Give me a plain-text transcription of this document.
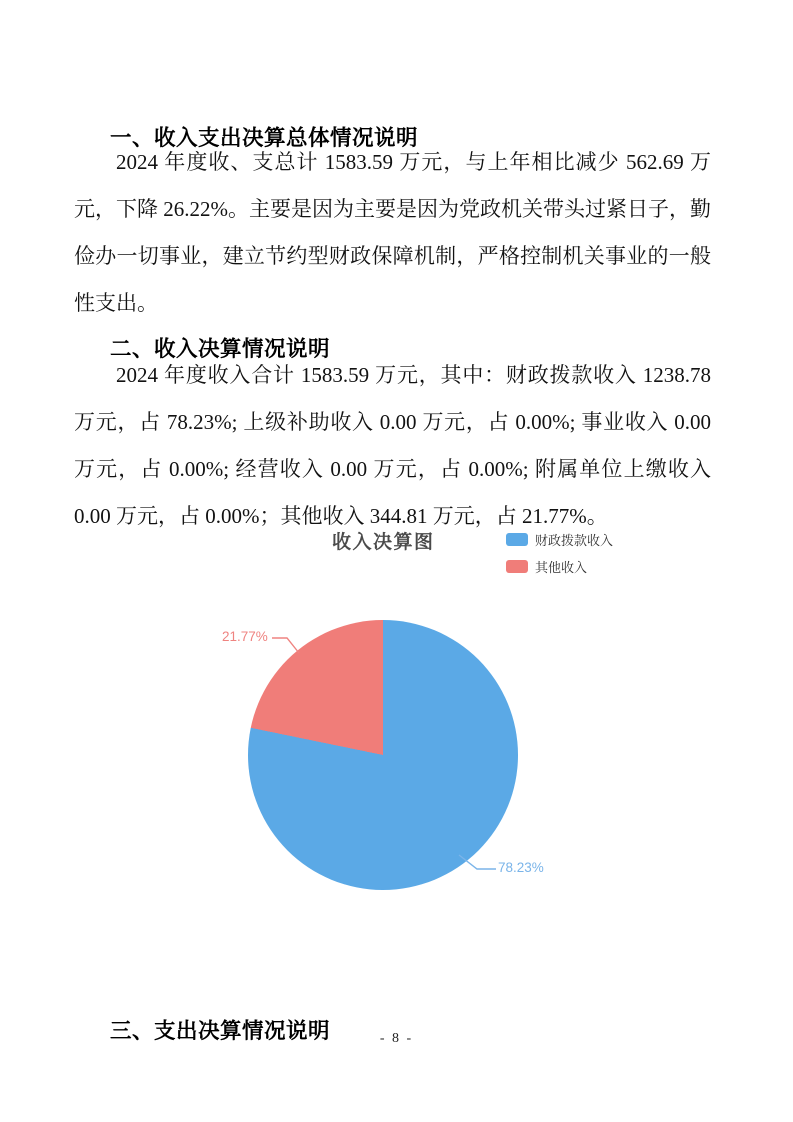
一、收入支出决算总体情况说明

2024 年度收、支总计 1583.59 万元，与上年相比减少 562.69 万元，下降 26.22%。主要是因为主要是因为党政机关带头过紧日子，勤俭办一切事业，建立节约型财政保障机制，严格控制机关事业的一般性支出。

二、收入决算情况说明

2024 年度收入合计 1583.59 万元，其中：财政拨款收入 1238.78 万元，占 78.23%; 上级补助收入 0.00 万元，占 0.00%; 事业收入 0.00 万元，占 0.00%; 经营收入 0.00 万元，占 0.00%; 附属单位上缴收入 0.00 万元，占 0.00%；其他收入 344.81 万元，占 21.77%。

收入决算图	财政拨款收入
其他收入
21.77%
78.23%
三、支出决算情况说明	- 8 -
